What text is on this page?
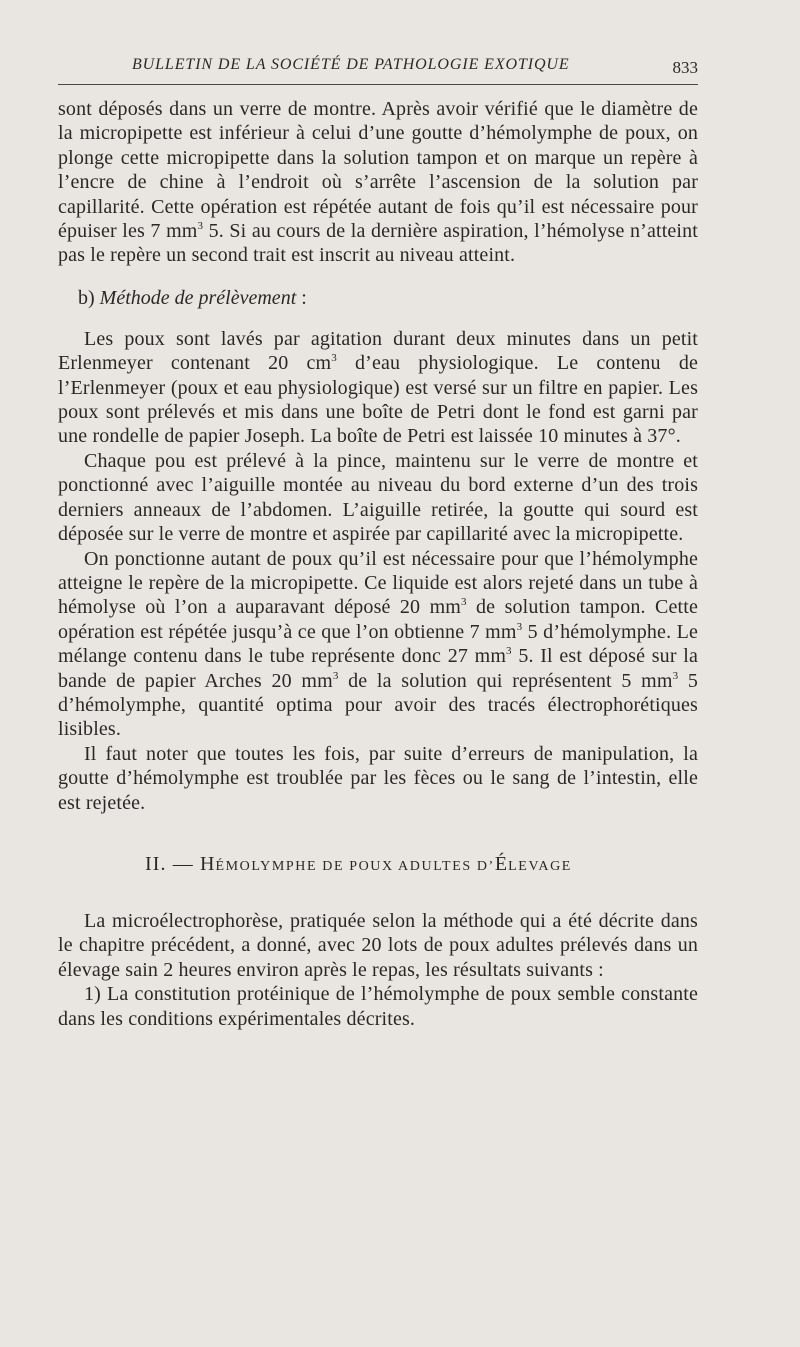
BULLETIN DE LA SOCIÉTÉ DE PATHOLOGIE EXOTIQUE	833

sont déposés dans un verre de montre. Après avoir vérifié que le diamètre de la micropipette est inférieur à celui d’une goutte d’hémolymphe de poux, on plonge cette micropipette dans la solution tampon et on marque un repère à l’encre de chine à l’endroit où s’arrête l’ascension de la solution par capillarité. Cette opération est répétée autant de fois qu’il est nécessaire pour épuiser les 7 $mm^3$ 5. Si au cours de la dernière aspiration, l’hémolyse n’atteint pas le repère un second trait est inscrit au niveau atteint.

b) Méthode de prélèvement :

Les poux sont lavés par agitation durant deux minutes dans un petit Erlenmeyer contenant 20 $cm^3$ d’eau physiologique. Le contenu de l’Erlenmeyer (poux et eau physiologique) est versé sur un filtre en papier. Les poux sont prélevés et mis dans une boîte de Petri dont le fond est garni par une rondelle de papier Joseph. La boîte de Petri est laissée 10 minutes à 37°.

Chaque pou est prélevé à la pince, maintenu sur le verre de montre et ponctionné avec l’aiguille montée au niveau du bord externe d’un des trois derniers anneaux de l’abdomen. L’aiguille retirée, la goutte qui sourd est déposée sur le verre de montre et aspirée par capillarité avec la micropipette.

On ponctionne autant de poux qu’il est nécessaire pour que l’hémolymphe atteigne le repère de la micropipette. Ce liquide est alors rejeté dans un tube à hémolyse où l’on a auparavant déposé 20 $mm^3$ de solution tampon. Cette opération est répétée jusqu’à ce que l’on obtienne 7 $mm^3$ 5 d’hémolymphe. Le mélange contenu dans le tube représente donc 27 $mm^3$ 5. Il est déposé sur la bande de papier Arches 20 $mm^3$ de la solution qui représentent 5 $mm^3$ 5 d’hémolymphe, quantité optima pour avoir des tracés électrophorétiques lisibles.

Il faut noter que toutes les fois, par suite d’erreurs de manipulation, la goutte d’hémolymphe est troublée par les fèces ou le sang de l’intestin, elle est rejetée.

II. — HÉMOLYMPHE DE POUX ADULTES D’ÉLEVAGE

La microélectrophorèse, pratiquée selon la méthode qui a été décrite dans le chapitre précédent, a donné, avec 20 lots de poux adultes prélevés dans un élevage sain 2 heures environ après le repas, les résultats suivants :

1) La constitution protéinique de l’hémolymphe de poux semble constante dans les conditions expérimentales décrites.
